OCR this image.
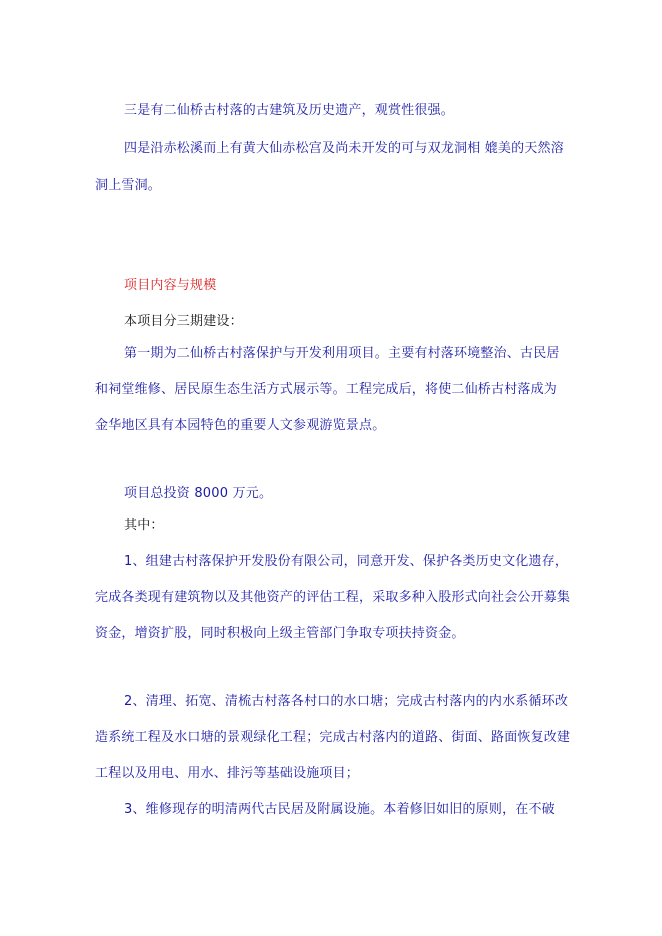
三是有二仙桥古村落的古建筑及历史遗产，观赏性很强。
四是沿赤松溪而上有黄大仙赤松宫及尚未开发的可与双龙洞相 媲美的天然溶
洞上雪洞。
项目内容与规模
本项目分三期建设：
第一期为二仙桥古村落保护与开发利用项目。主要有村落环境整治、古民居
和祠堂维修、居民原生态生活方式展示等。工程完成后，将使二仙桥古村落成为
金华地区具有本园特色的重要人文参观游览景点。
项目总投资 8000 万元。
其中：
1、组建古村落保护开发股份有限公司，同意开发、保护各类历史文化遗存，
完成各类现有建筑物以及其他资产的评估工程，采取多种入股形式向社会公开募集
资金，增资扩股，同时积极向上级主管部门争取专项扶持资金。
2、清理、拓宽、清梳古村落各村口的水口塘；完成古村落内的内水系循环改
造系统工程及水口塘的景观绿化工程；完成古村落内的道路、街面、路面恢复改建
工程以及用电、用水、排污等基础设施项目；
3、维修现存的明清两代古民居及附属设施。本着修旧如旧的原则，在不破
